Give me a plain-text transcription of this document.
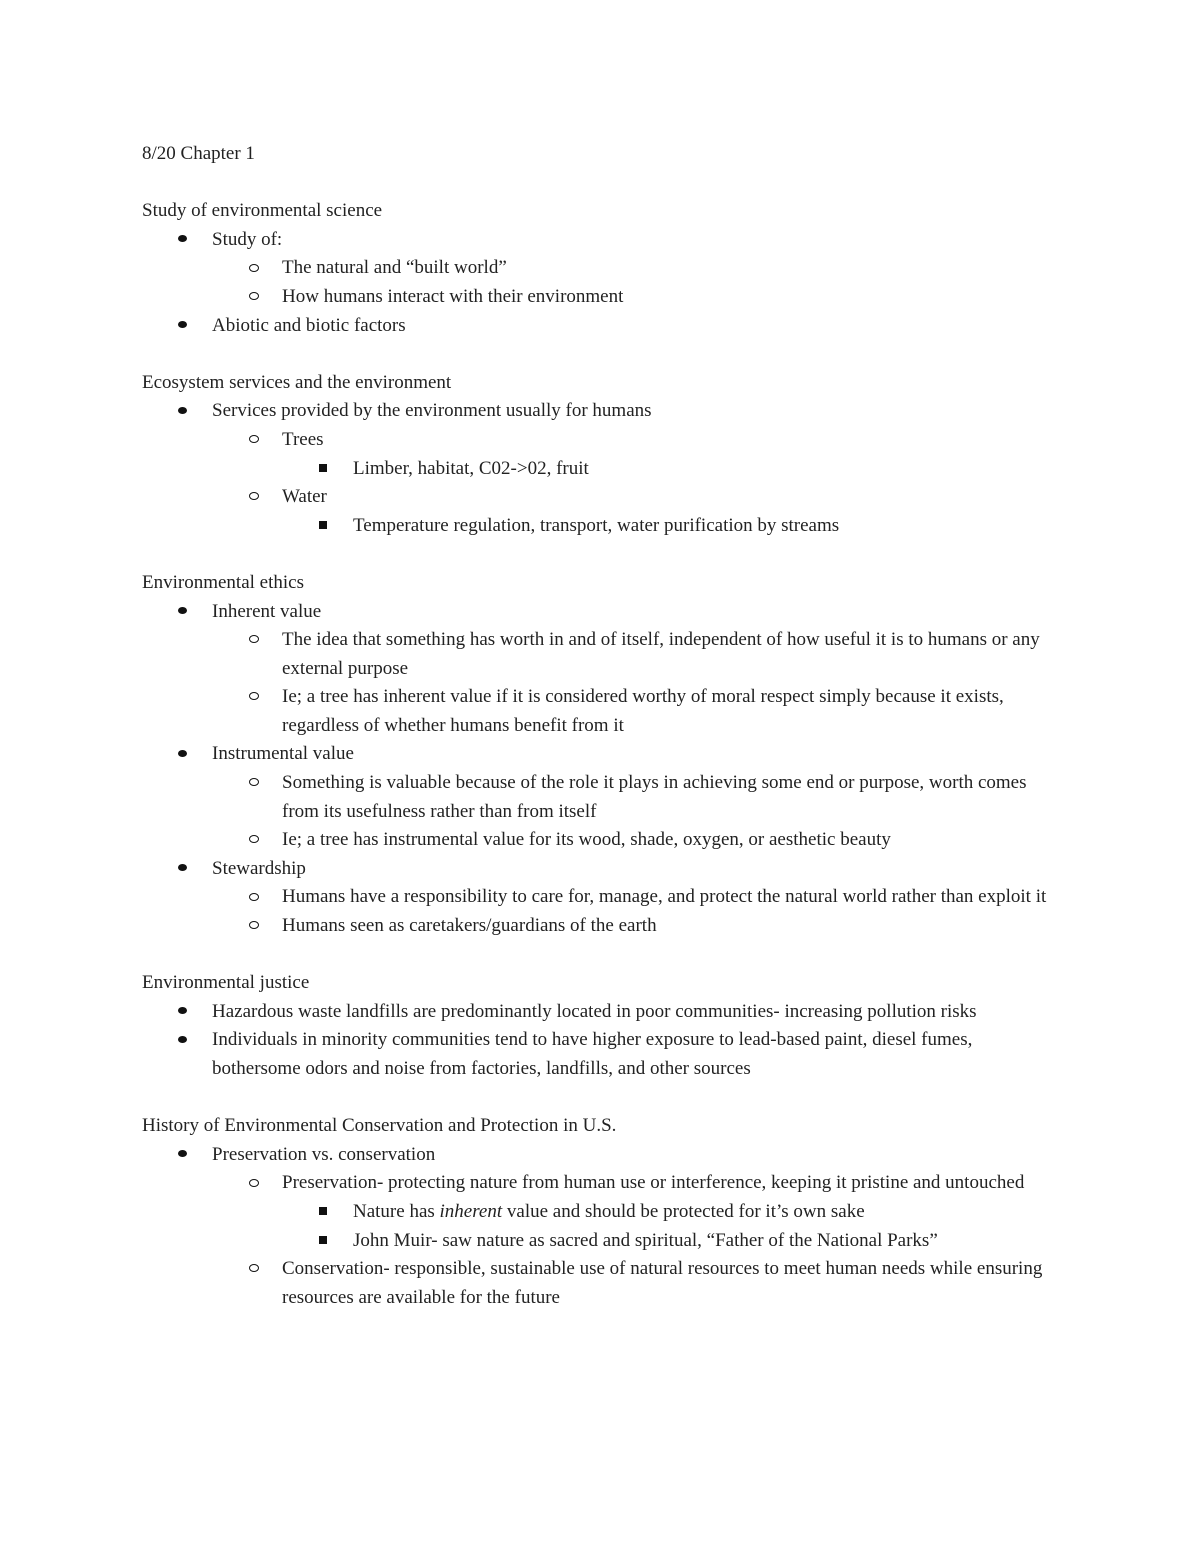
8/20 Chapter 1

Study of environmental science

Study of:
The natural and “built world”
How humans interact with their environment
Abiotic and biotic factors

Ecosystem services and the environment

Services provided by the environment usually for humans
Trees
Limber, habitat, C02->02, fruit
Water
Temperature regulation, transport, water purification by streams

Environmental ethics

Inherent value
The idea that something has worth in and of itself, independent of how useful it is to humans or any external purpose
Ie; a tree has inherent value if it is considered worthy of moral respect simply because it exists, regardless of whether humans benefit from it
Instrumental value
Something is valuable because of the role it plays in achieving some end or purpose, worth comes from its usefulness rather than from itself
Ie; a tree has instrumental value for its wood, shade, oxygen, or aesthetic beauty
Stewardship
Humans have a responsibility to care for, manage, and protect the natural world rather than exploit it
Humans seen as caretakers/guardians of the earth

Environmental justice

Hazardous waste landfills are predominantly located in poor communities- increasing pollution risks
Individuals in minority communities tend to have higher exposure to lead-based paint, diesel fumes, bothersome odors and noise from factories, landfills, and other sources

History of Environmental Conservation and Protection in U.S.

Preservation vs. conservation
Preservation- protecting nature from human use or interference, keeping it pristine and untouched
Nature has inherent value and should be protected for it’s own sake
John Muir- saw nature as sacred and spiritual, “Father of the National Parks”
Conservation- responsible, sustainable use of natural resources to meet human needs while ensuring resources are available for the future
